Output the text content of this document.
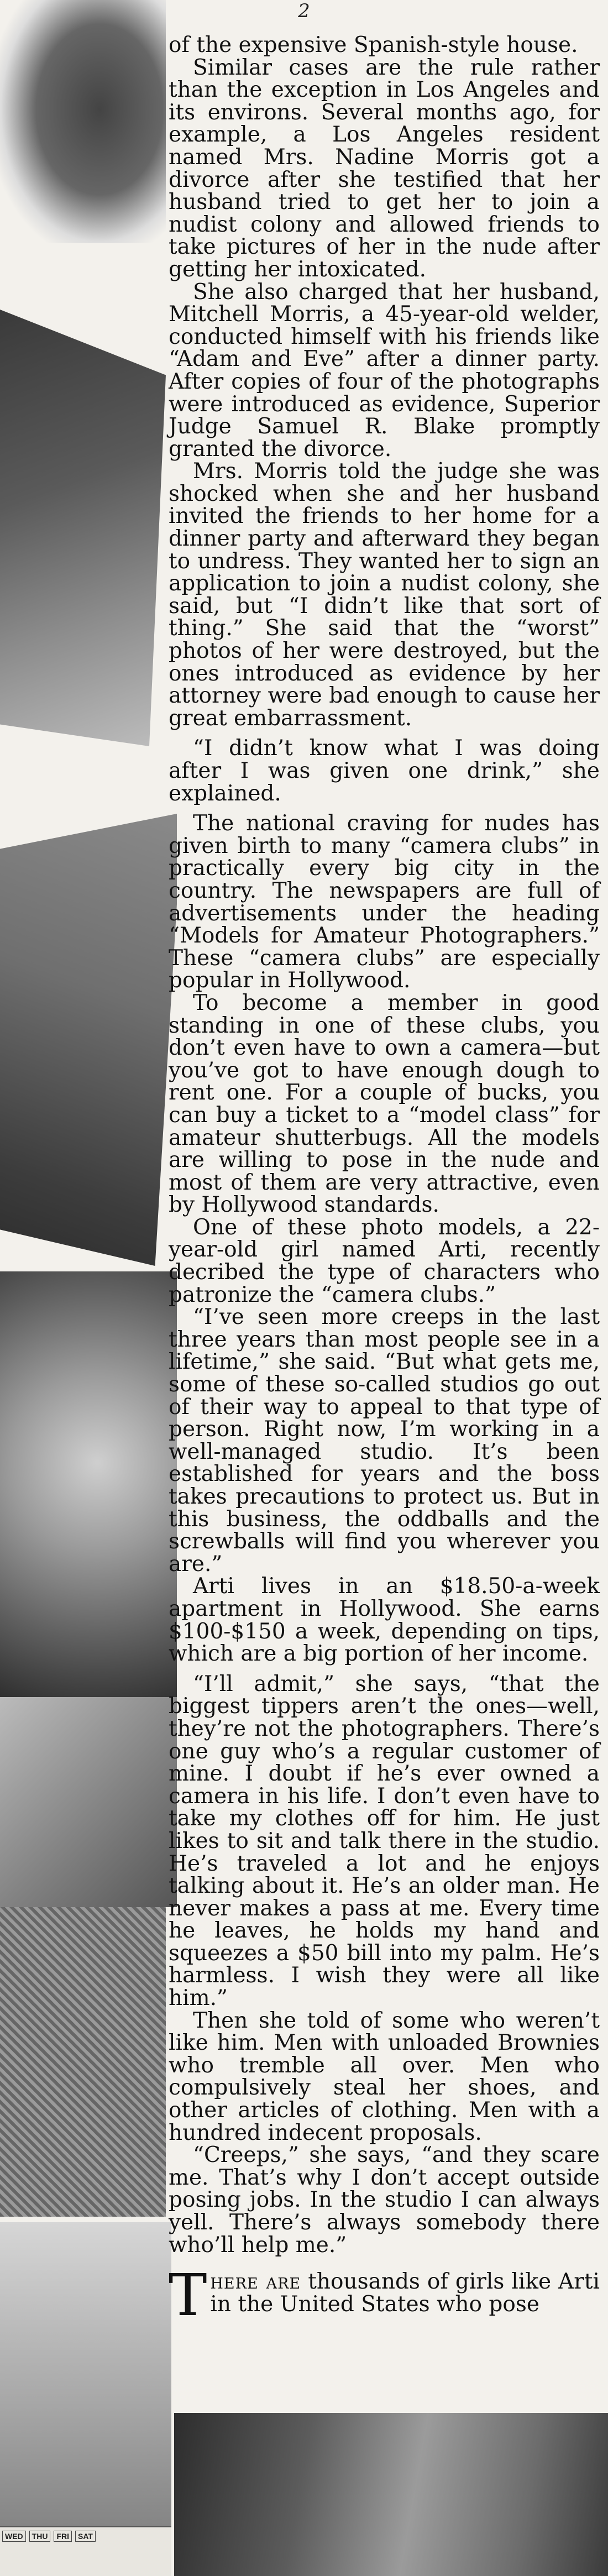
2
WED	THU	FRI	SAT

of the expensive Spanish-style house.

Similar cases are the rule rather than the exception in Los Angeles and its environs. Several months ago, for example, a Los Angeles resident named Mrs. Nadine Morris got a divorce after she testified that her husband tried to get her to join a nudist colony and allowed friends to take pictures of her in the nude after getting her intoxicated.

She also charged that her husband, Mitchell Morris, a 45-year-old welder, conducted himself with his friends like “Adam and Eve” after a dinner party. After copies of four of the photographs were introduced as evidence, Superior Judge Samuel R. Blake promptly granted the divorce.

Mrs. Morris told the judge she was shocked when she and her husband invited the friends to her home for a dinner party and afterward they began to undress. They wanted her to sign an application to join a nudist colony, she said, but “I didn’t like that sort of thing.” She said that the “worst” photos of her were destroyed, but the ones introduced as evidence by her attorney were bad enough to cause her great embarrassment.

“I didn’t know what I was doing after I was given one drink,” she explained.

The national craving for nudes has given birth to many “camera clubs” in practically every big city in the country. The newspapers are full of advertisements under the heading “Models for Amateur Photographers.” These “camera clubs” are especially popular in Hollywood.

To become a member in good standing in one of these clubs, you don’t even have to own a camera—but you’ve got to have enough dough to rent one. For a couple of bucks, you can buy a ticket to a “model class” for amateur shutterbugs. All the models are willing to pose in the nude and most of them are very attractive, even by Hollywood standards.

One of these photo models, a 22-year-old girl named Arti, recently decribed the type of characters who patronize the “camera clubs.”

“I’ve seen more creeps in the last three years than most people see in a lifetime,” she said. “But what gets me, some of these so-called studios go out of their way to appeal to that type of person. Right now, I’m working in a well-managed studio. It’s been established for years and the boss takes precautions to protect us. But in this business, the oddballs and the screwballs will find you wherever you are.”

Arti lives in an $18.50-a-week apartment in Hollywood. She earns $100-$150 a week, depending on tips, which are a big portion of her income.

“I’ll admit,” she says, “that the biggest tippers aren’t the ones—well, they’re not the photographers. There’s one guy who’s a regular customer of mine. I doubt if he’s ever owned a camera in his life. I don’t even have to take my clothes off for him. He just likes to sit and talk there in the studio. He’s traveled a lot and he enjoys talking about it. He’s an older man. He never makes a pass at me. Every time he leaves, he holds my hand and squeezes a $50 bill into my palm. He’s harmless. I wish they were all like him.”

Then she told of some who weren’t like him. Men with unloaded Brownies who tremble all over. Men who compulsively steal her shoes, and other articles of clothing. Men with a hundred indecent proposals.

“Creeps,” she says, “and they scare me. That’s why I don’t accept outside posing jobs. In the studio I can always yell. There’s always somebody there who’ll help me.”

There are thousands of girls like Arti in the United States who pose
